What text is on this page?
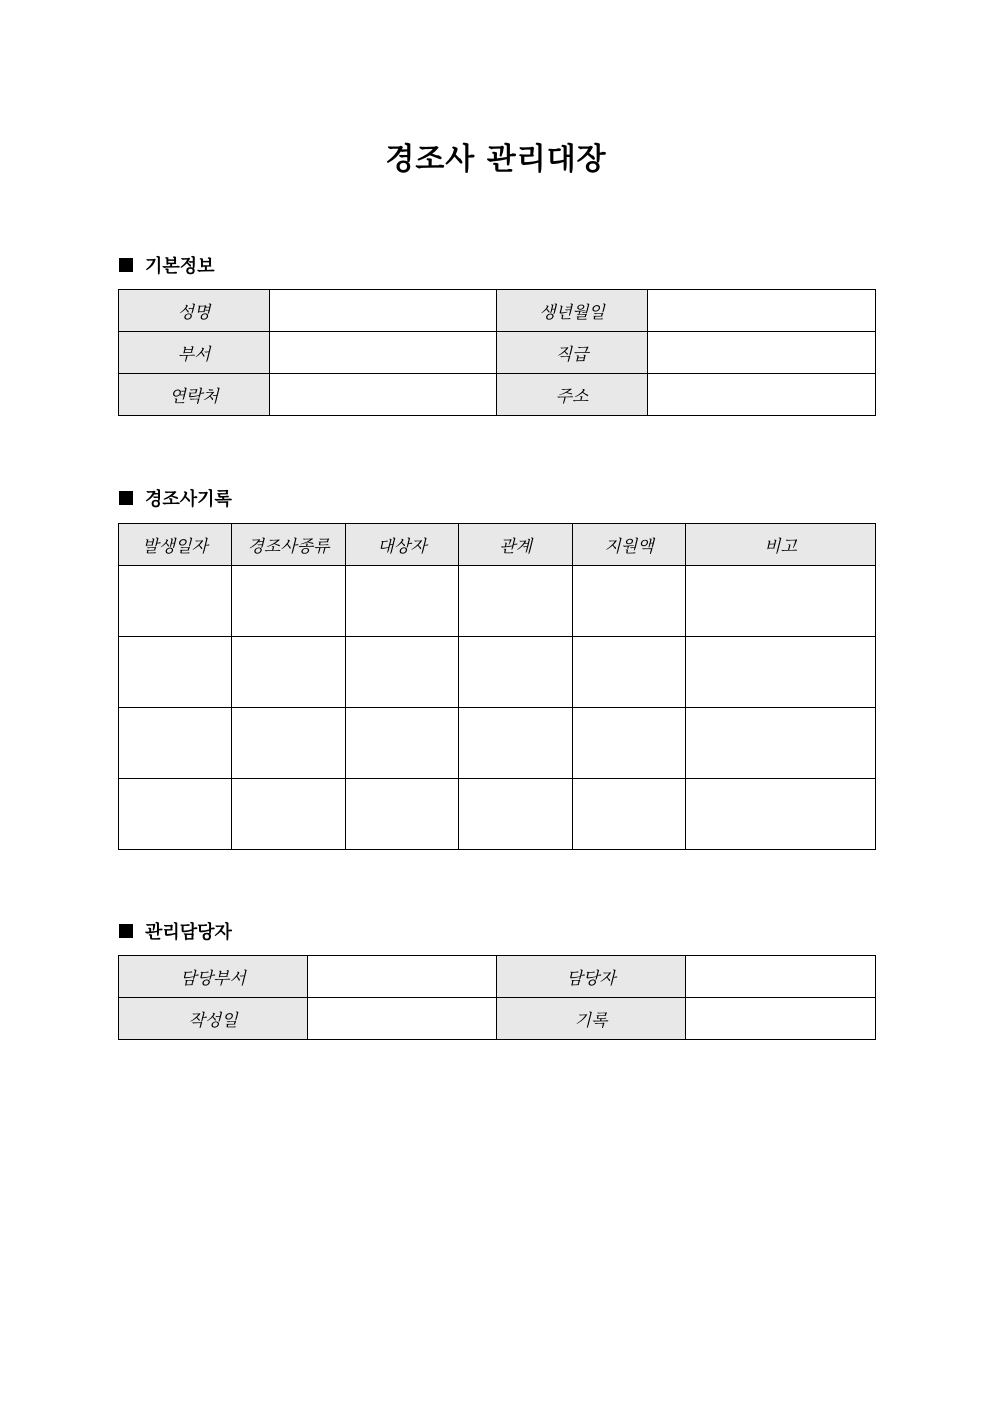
경조사 관리대장
기본정보
성명		생년월일	
부서		직급	
연락처		주소	
경조사기록
발생일자	경조사종류	대상자	관계	지원액	비고

관리담당자
담당부서		담당자	
작성일		기록	
